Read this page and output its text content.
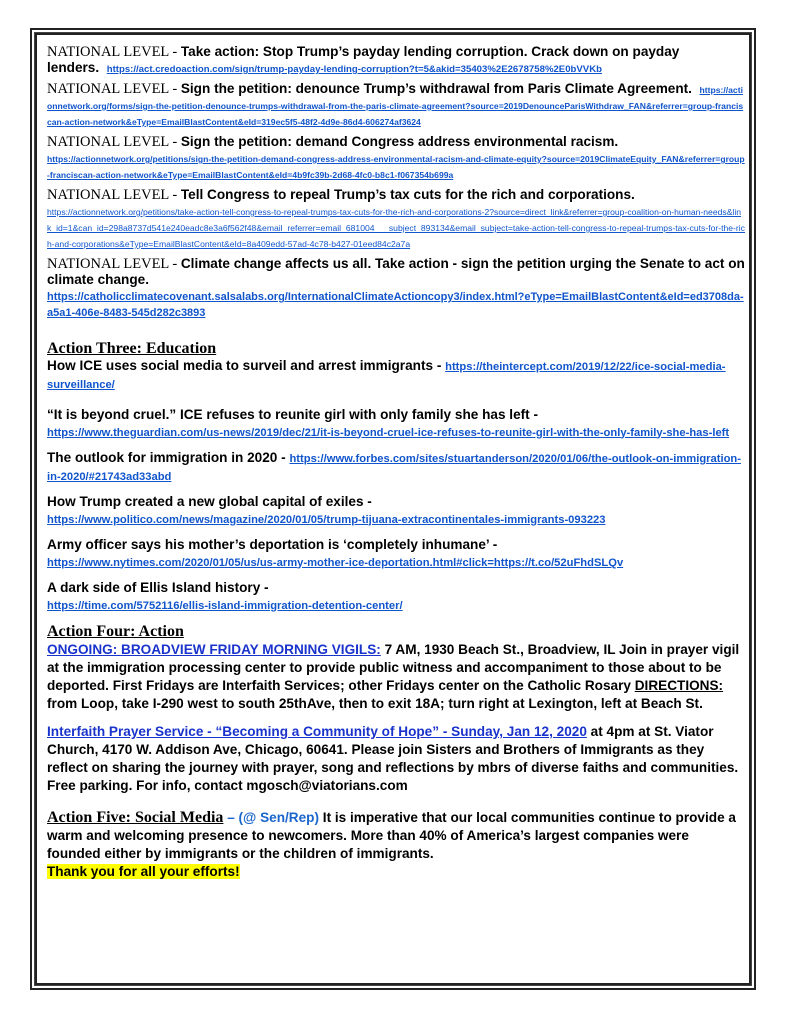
NATIONAL LEVEL - Take action: Stop Trump’s payday lending corruption. Crack down on payday lenders. https://act.credoaction.com/sign/trump-payday-lending-corruption?t=5&akid=35403%2E2678758%2E0bVVKb
NATIONAL LEVEL - Sign the petition: denounce Trump’s withdrawal from Paris Climate Agreement. https://actionnetwork.org/forms/sign-the-petition-denounce-trumps-withdrawal-from-the-paris-climate-agreement?source=2019DenounceParisWithdraw_FAN&referrer=group-franciscan-action-network&eType=EmailBlastContent&eId=319ec5f5-48f2-4d9e-86d4-606274af3624
NATIONAL LEVEL - Sign the petition: demand Congress address environmental racism.
https://actionnetwork.org/petitions/sign-the-petition-demand-congress-address-environmental-racism-and-climate-equity?source=2019ClimateEquity_FAN&referrer=group-franciscan-action-network&eType=EmailBlastContent&eId=4b9fc39b-2d68-4fc0-b8c1-f067354b699a
NATIONAL LEVEL - Tell Congress to repeal Trump’s tax cuts for the rich and corporations.
https://actionnetwork.org/petitions/take-action-tell-congress-to-repeal-trumps-tax-cuts-for-the-rich-and-corporations-2?source=direct_link&referrer=group-coalition-on-human-needs&link_id=1&can_id=298a8737d541e240eadc8e3a6f562f48&email_referrer=email_681004___subject_893134&email_subject=take-action-tell-congress-to-repeal-trumps-tax-cuts-for-the-rich-and-corporations&eType=EmailBlastContent&eId=8a409edd-57ad-4c78-b427-01eed84c2a7a
NATIONAL LEVEL - Climate change affects us all. Take action - sign the petition urging the Senate to act on climate change.
https://catholicclimatecovenant.salsalabs.org/InternationalClimateActioncopy3/index.html?eType=EmailBlastContent&eId=ed3708da-a5a1-406e-8483-545d282c3893
Action Three: Education
How ICE uses social media to surveil and arrest immigrants - https://theintercept.com/2019/12/22/ice-social-media-surveillance/
“It is beyond cruel.” ICE refuses to reunite girl with only family she has left -
https://www.theguardian.com/us-news/2019/dec/21/it-is-beyond-cruel-ice-refuses-to-reunite-girl-with-the-only-family-she-has-left
The outlook for immigration in 2020 - https://www.forbes.com/sites/stuartanderson/2020/01/06/the-outlook-on-immigration-in-2020/#21743ad33abd
How Trump created a new global capital of exiles -
https://www.politico.com/news/magazine/2020/01/05/trump-tijuana-extracontinentales-immigrants-093223
Army officer says his mother’s deportation is ‘completely inhumane’ -
https://www.nytimes.com/2020/01/05/us/us-army-mother-ice-deportation.html#click=https://t.co/52uFhdSLQv
A dark side of Ellis Island history -
https://time.com/5752116/ellis-island-immigration-detention-center/
Action Four: Action
ONGOING: BROADVIEW FRIDAY MORNING VIGILS: 7 AM, 1930 Beach St., Broadview, IL Join in prayer vigil at the immigration processing center to provide public witness and accompaniment to those about to be deported. First Fridays are Interfaith Services; other Fridays center on the Catholic Rosary DIRECTIONS: from Loop, take I-290 west to south 25thAve, then to exit 18A; turn right at Lexington, left at Beach St.
Interfaith Prayer Service - “Becoming a Community of Hope” - Sunday, Jan 12, 2020 at 4pm at St. Viator Church, 4170 W. Addison Ave, Chicago, 60641. Please join Sisters and Brothers of Immigrants as they reflect on sharing the journey with prayer, song and reflections by mbrs of diverse faiths and communities. Free parking. For info, contact mgosch@viatorians.com
Action Five: Social Media – (@ Sen/Rep) It is imperative that our local communities continue to provide a warm and welcoming presence to newcomers. More than 40% of America’s largest companies were founded either by immigrants or the children of immigrants.
Thank you for all your efforts!
